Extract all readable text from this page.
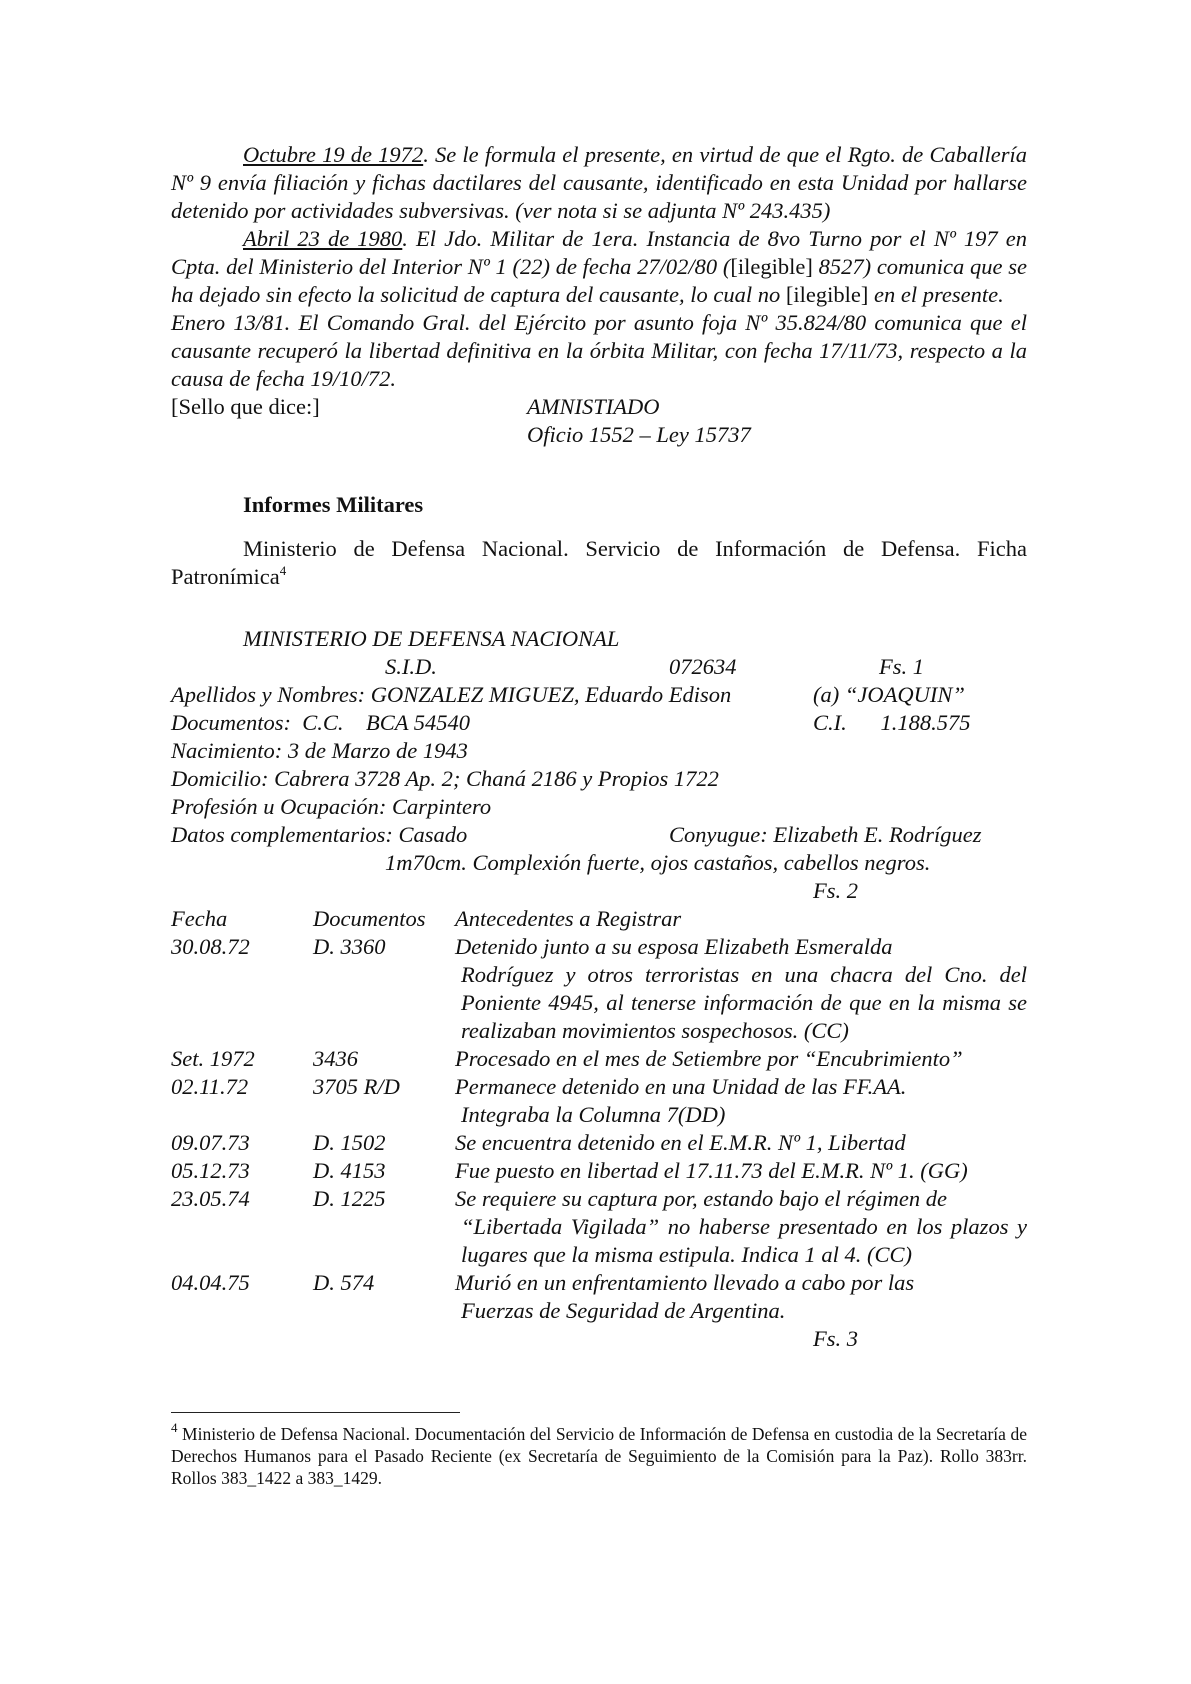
Octubre 19 de 1972. Se le formula el presente, en virtud de que el Rgto. de Caballería Nº 9 envía filiación y fichas dactilares del causante, identificado en esta Unidad por hallarse detenido por actividades subversivas. (ver nota si se adjunta Nº 243.435)

Abril 23 de 1980. El Jdo. Militar de 1era. Instancia de 8vo Turno por el Nº 197 en Cpta. del Ministerio del Interior Nº 1 (22) de fecha 27/02/80 ([ilegible] 8527) comunica que se ha dejado sin efecto la solicitud de captura del causante, lo cual no [ilegible] en el presente.

Enero 13/81. El Comando Gral. del Ejército por asunto foja Nº 35.824/80 comunica que el causante recuperó la libertad definitiva en la órbita Militar, con fecha 17/11/73, respecto a la causa de fecha 19/10/72.

[Sello que dice:]	AMNISTIADO
Oficio 1552 – Ley 15737

Informes Militares

Ministerio de Defensa Nacional. Servicio de Información de Defensa. Ficha Patronímica$^4$

MINISTERIO DE DEFENSA NACIONAL
S.I.D.	072634	Fs. 1
Apellidos y Nombres: GONZALEZ MIGUEZ, Eduardo Edison	(a) “JOAQUIN”
Documentos:  C.C.    BCA 54540	C.I.      1.188.575
Nacimiento: 3 de Marzo de 1943
Domicilio: Cabrera 3728 Ap. 2; Chaná 2186 y Propios 1722
Profesión u Ocupación: Carpintero
Datos complementarios: Casado	Conyugue: Elizabeth E. Rodríguez
1m70cm. Complexión fuerte, ojos castaños, cabellos negros.
Fs. 2
Fecha	Documentos	Antecedentes a Registrar
30.08.72	D. 3360	Detenido junto a su esposa Elizabeth Esmeralda
Rodríguez y otros terroristas en una chacra del Cno. del Poniente 4945, al tenerse información de que en la misma se realizaban movimientos sospechosos. (CC)
Set. 1972	3436	Procesado en el mes de Setiembre por “Encubrimiento”
02.11.72	3705 R/D	Permanece detenido en una Unidad de las FF.AA.
Integraba la Columna 7(DD)
09.07.73	D. 1502	Se encuentra detenido en el E.M.R. Nº 1, Libertad
05.12.73	D. 4153	Fue puesto en libertad el 17.11.73 del E.M.R. Nº 1. (GG)
23.05.74	D. 1225	Se requiere su captura por, estando bajo el régimen de
“Libertada Vigilada” no haberse presentado en los plazos y lugares que la misma estipula. Indica 1 al 4. (CC)
04.04.75	D. 574	Murió en un enfrentamiento llevado a cabo por las
Fuerzas de Seguridad de Argentina.
Fs. 3
$^4$ Ministerio de Defensa Nacional. Documentación del Servicio de Información de Defensa en custodia de la Secretaría de Derechos Humanos para el Pasado Reciente (ex Secretaría de Seguimiento de la Comisión para la Paz). Rollo 383rr. Rollos 383_1422 a 383_1429.
